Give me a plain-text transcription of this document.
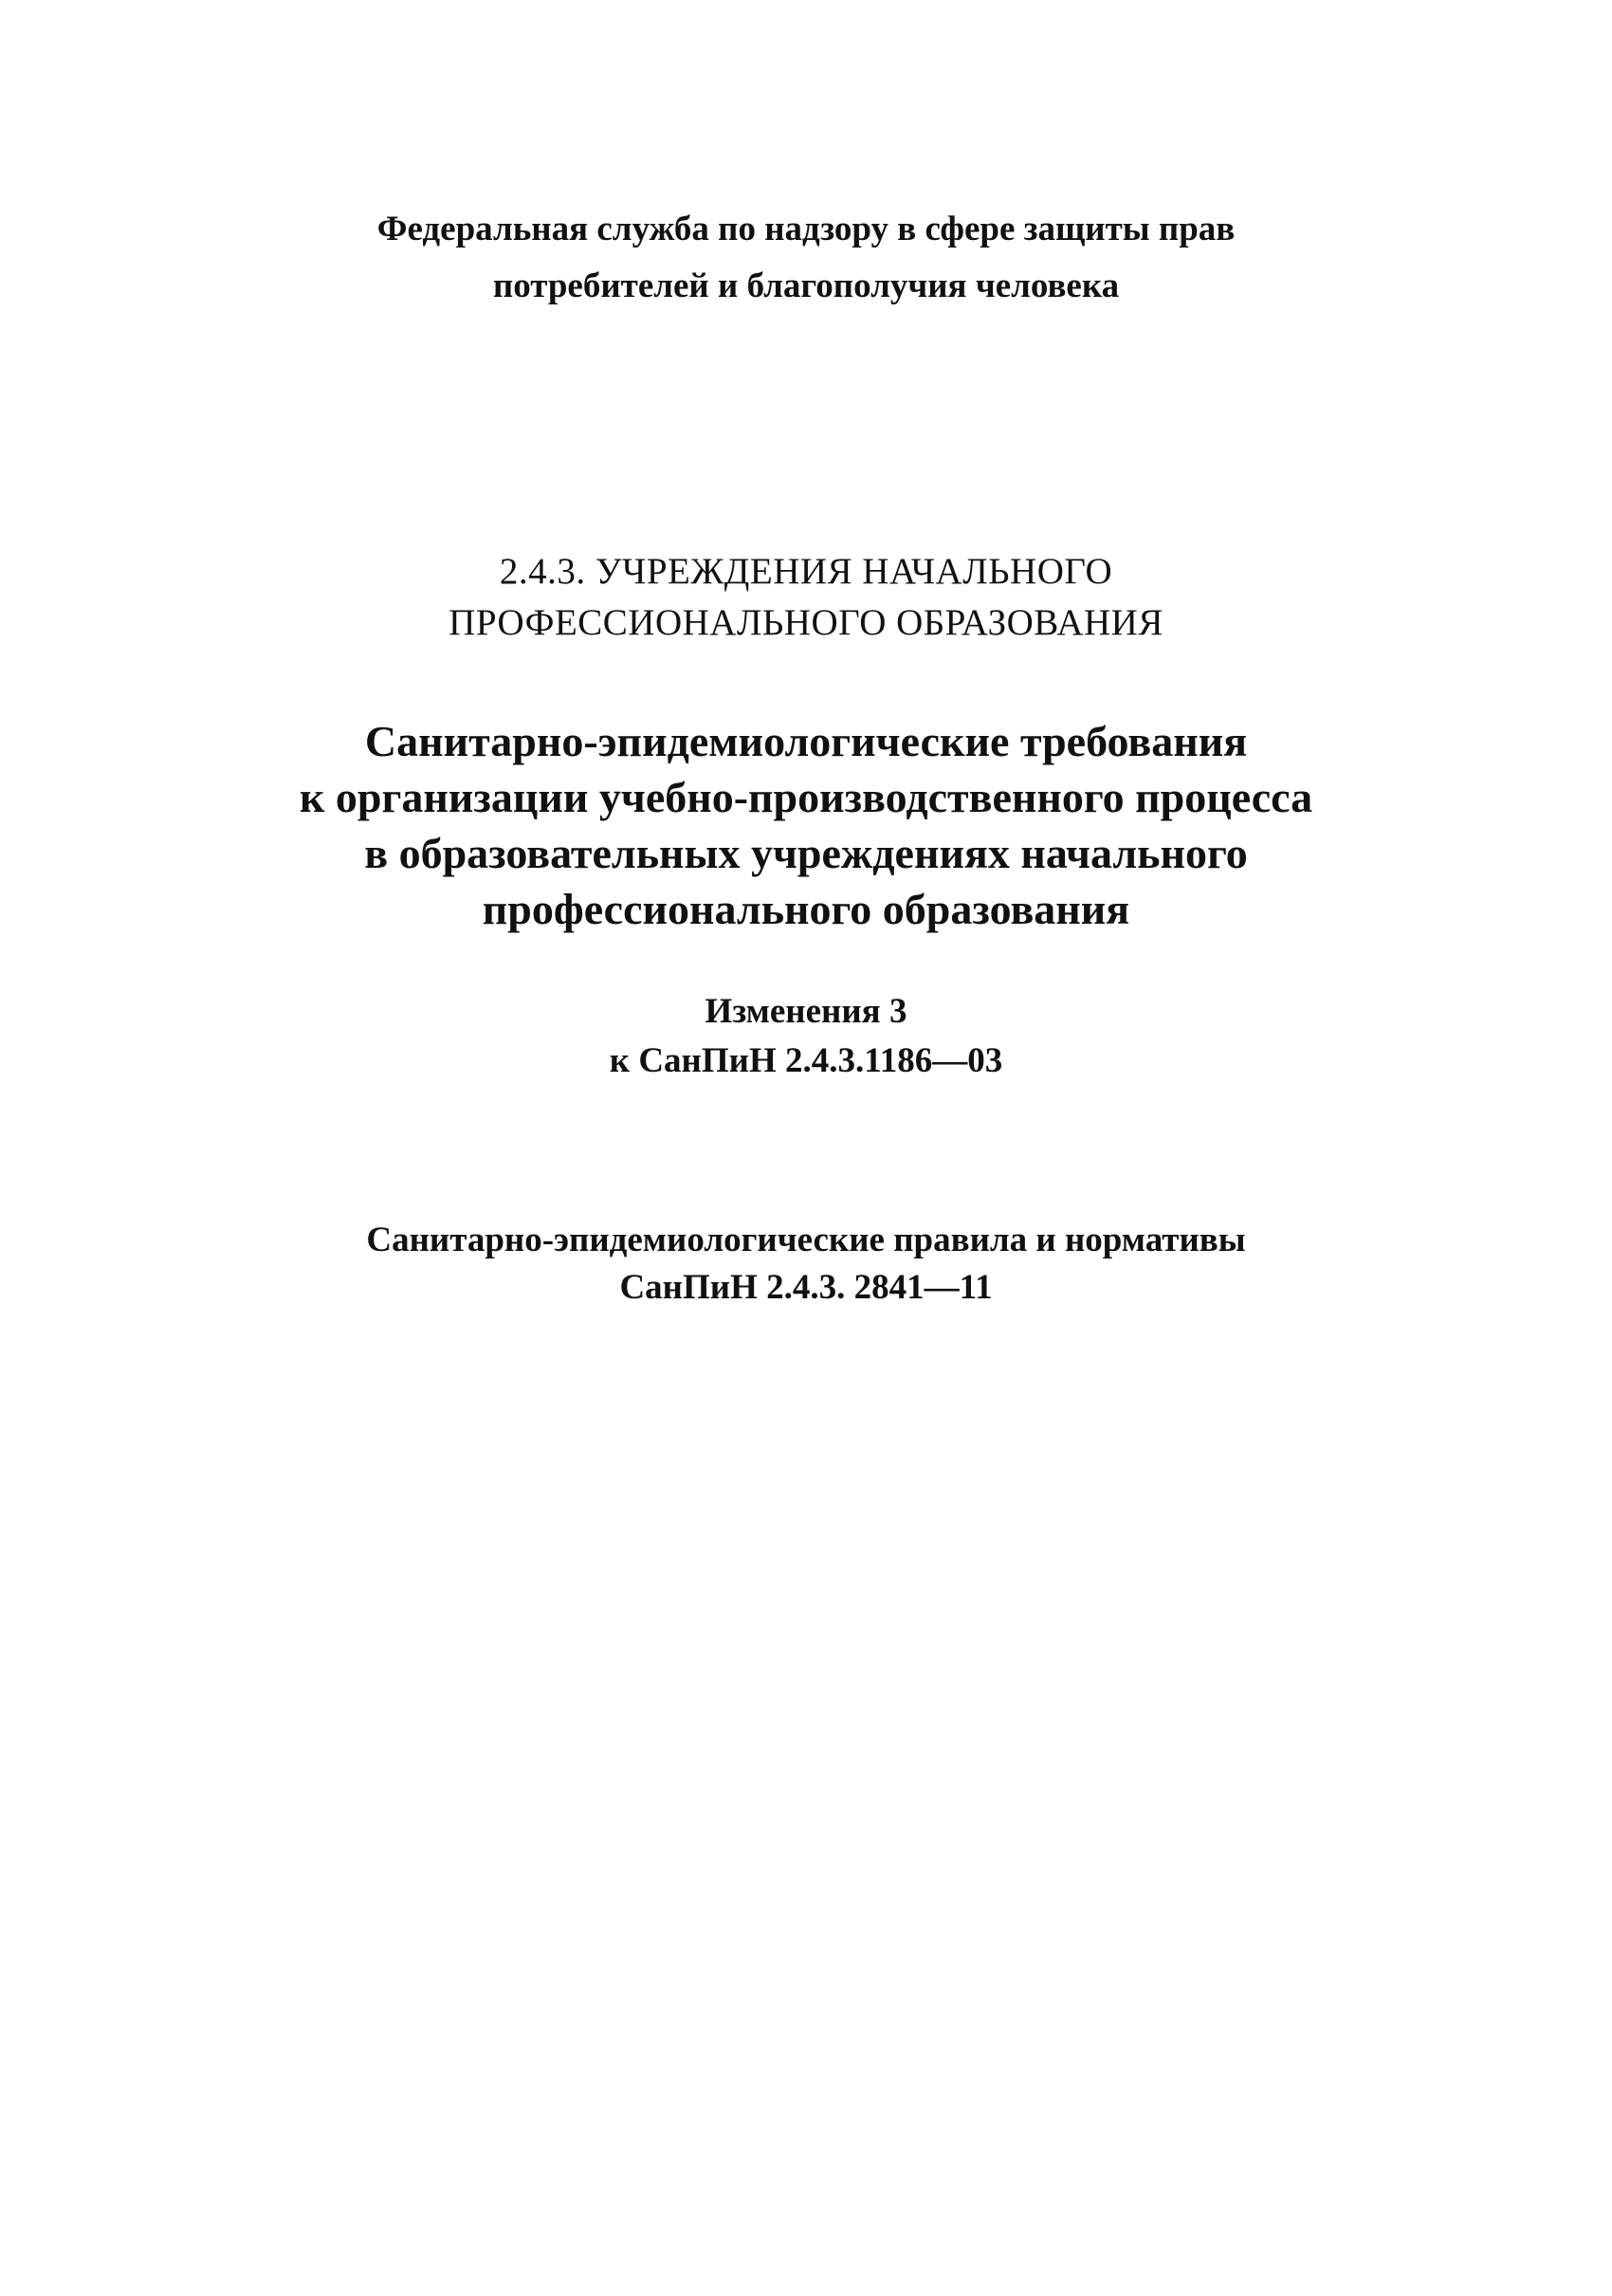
Федеральная служба по надзору в сфере защиты прав
потребителей и благополучия человека
2.4.3. УЧРЕЖДЕНИЯ НАЧАЛЬНОГО
ПРОФЕССИОНАЛЬНОГО ОБРАЗОВАНИЯ
Санитарно-эпидемиологические требования
к организации учебно-производственного процесса
в образовательных учреждениях начального
профессионального образования
Изменения 3
к СанПиН 2.4.3.1186—03
Санитарно-эпидемиологические правила и нормативы
СанПиН 2.4.3. 2841—11
